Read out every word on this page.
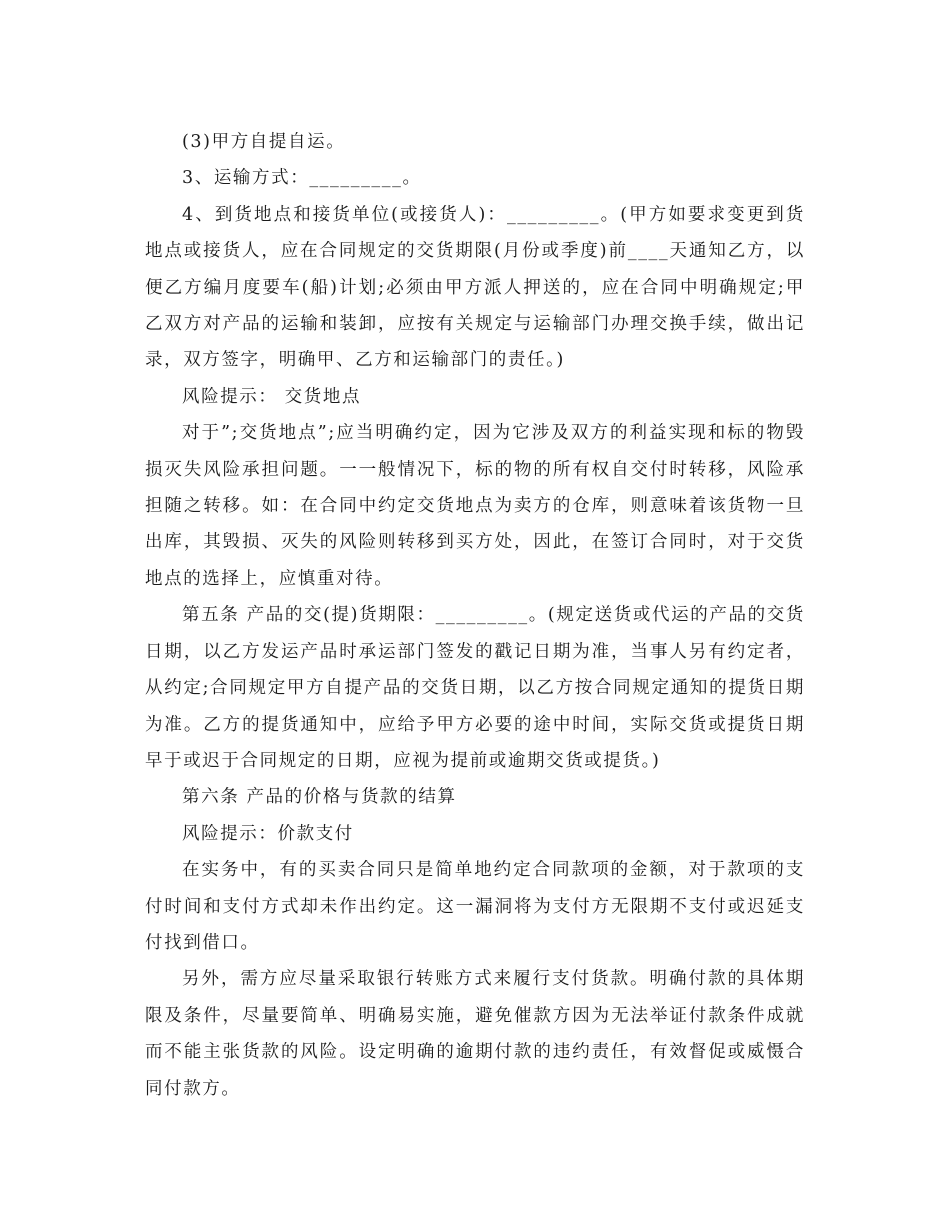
(3)甲方自提自运。

3、运输方式：_________。

4、到货地点和接货单位(或接货人)：_________。(甲方如要求变更到货地点或接货人，应在合同规定的交货期限(月份或季度)前____天通知乙方，以便乙方编月度要车(船)计划;必须由甲方派人押送的，应在合同中明确规定;甲乙双方对产品的运输和装卸，应按有关规定与运输部门办理交换手续，做出记录，双方签字，明确甲、乙方和运输部门的责任。)

风险提示： 交货地点

对于”;交货地点”;应当明确约定，因为它涉及双方的利益实现和标的物毁损灭失风险承担问题。一一般情况下，标的物的所有权自交付时转移，风险承担随之转移。如：在合同中约定交货地点为卖方的仓库，则意味着该货物一旦出库，其毁损、灭失的风险则转移到买方处，因此，在签订合同时，对于交货地点的选择上，应慎重对待。

第五条 产品的交(提)货期限：_________。(规定送货或代运的产品的交货日期，以乙方发运产品时承运部门签发的戳记日期为准，当事人另有约定者，从约定;合同规定甲方自提产品的交货日期，以乙方按合同规定通知的提货日期为准。乙方的提货通知中，应给予甲方必要的途中时间，实际交货或提货日期早于或迟于合同规定的日期，应视为提前或逾期交货或提货。)

第六条 产品的价格与货款的结算

风险提示：价款支付

在实务中，有的买卖合同只是简单地约定合同款项的金额，对于款项的支付时间和支付方式却未作出约定。这一漏洞将为支付方无限期不支付或迟延支付找到借口。

另外，需方应尽量采取银行转账方式来履行支付货款。明确付款的具体期限及条件，尽量要简单、明确易实施，避免催款方因为无法举证付款条件成就而不能主张货款的风险。设定明确的逾期付款的违约责任，有效督促或威慑合同付款方。
